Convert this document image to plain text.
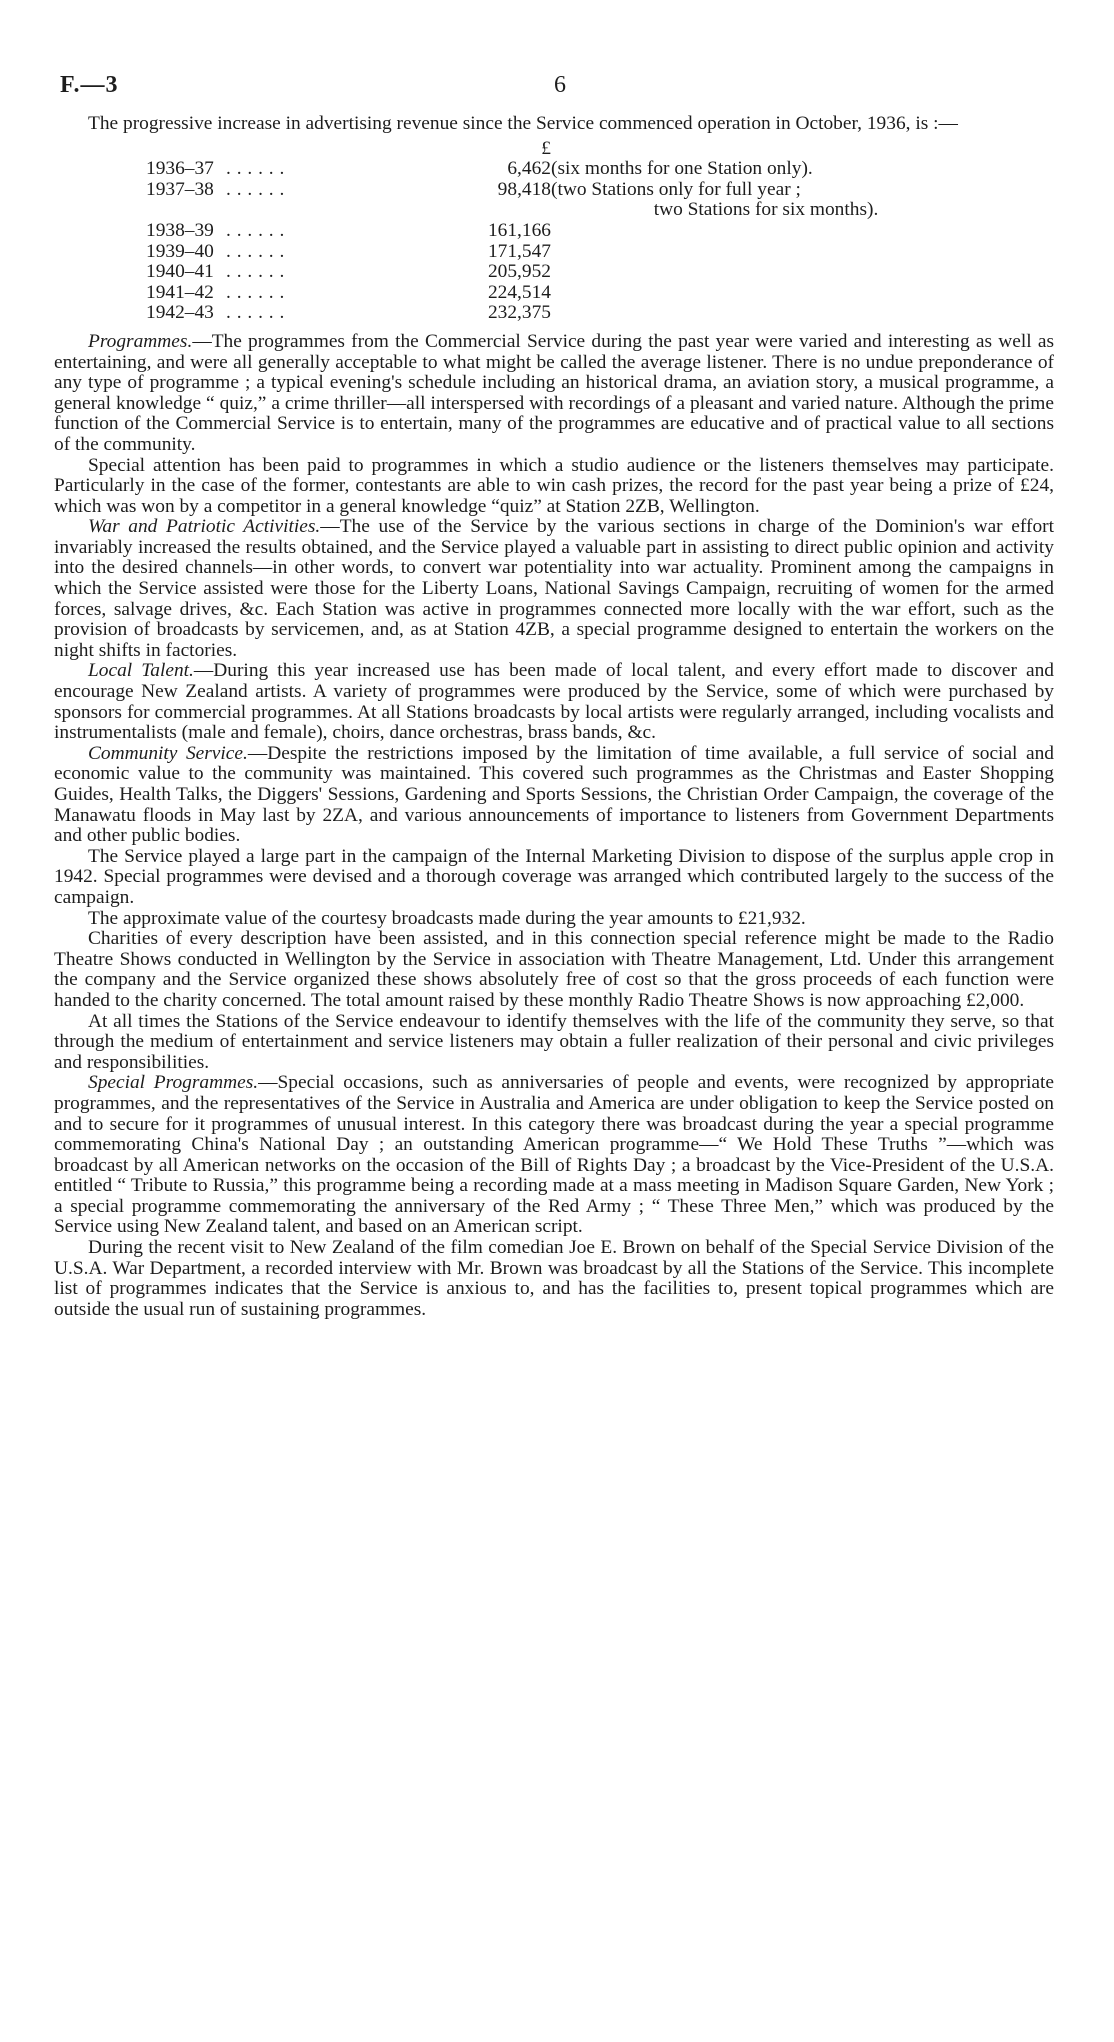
F.—3	6

The progressive increase in advertising revenue since the Service commenced operation in October, 1936, is :—

		£	
1936–37	. . . . . .	6,462	(six months for one Station only).
1937–38	. . . . . .	98,418	(two Stations only for full year ;
two Stations for six months).

1938–39	. . . . . .	161,166	
1939–40	. . . . . .	171,547	
1940–41	. . . . . .	205,952	
1941–42	. . . . . .	224,514	
1942–43	. . . . . .	232,375	

Programmes.—The programmes from the Commercial Service during the past year were varied and interesting as well as entertaining, and were all generally acceptable to what might be called the average listener. There is no undue preponderance of any type of programme ; a typical evening's schedule including an historical drama, an aviation story, a musical programme, a general knowledge “ quiz,” a crime thriller—all interspersed with recordings of a pleasant and varied nature. Although the prime function of the Commercial Service is to entertain, many of the programmes are educative and of practical value to all sections of the community.

Special attention has been paid to programmes in which a studio audience or the listeners themselves may participate. Particularly in the case of the former, contestants are able to win cash prizes, the record for the past year being a prize of £24, which was won by a competitor in a general knowledge “quiz” at Station 2ZB, Wellington.

War and Patriotic Activities.—The use of the Service by the various sections in charge of the Dominion's war effort invariably increased the results obtained, and the Service played a valuable part in assisting to direct public opinion and activity into the desired channels—in other words, to convert war potentiality into war actuality. Prominent among the campaigns in which the Service assisted were those for the Liberty Loans, National Savings Campaign, recruiting of women for the armed forces, salvage drives, &c. Each Station was active in programmes connected more locally with the war effort, such as the provision of broadcasts by servicemen, and, as at Station 4ZB, a special programme designed to entertain the workers on the night shifts in factories.

Local Talent.—During this year increased use has been made of local talent, and every effort made to discover and encourage New Zealand artists. A variety of programmes were produced by the Service, some of which were purchased by sponsors for commercial programmes. At all Stations broadcasts by local artists were regularly arranged, including vocalists and instrumentalists (male and female), choirs, dance orchestras, brass bands, &c.

Community Service.—Despite the restrictions imposed by the limitation of time available, a full service of social and economic value to the community was maintained. This covered such programmes as the Christmas and Easter Shopping Guides, Health Talks, the Diggers' Sessions, Gardening and Sports Sessions, the Christian Order Campaign, the coverage of the Manawatu floods in May last by 2ZA, and various announcements of importance to listeners from Government Departments and other public bodies.

The Service played a large part in the campaign of the Internal Marketing Division to dispose of the surplus apple crop in 1942. Special programmes were devised and a thorough coverage was arranged which contributed largely to the success of the campaign.

The approximate value of the courtesy broadcasts made during the year amounts to £21,932.

Charities of every description have been assisted, and in this connection special reference might be made to the Radio Theatre Shows conducted in Wellington by the Service in association with Theatre Management, Ltd. Under this arrangement the company and the Service organized these shows absolutely free of cost so that the gross proceeds of each function were handed to the charity concerned. The total amount raised by these monthly Radio Theatre Shows is now approaching £2,000.

At all times the Stations of the Service endeavour to identify themselves with the life of the community they serve, so that through the medium of entertainment and service listeners may obtain a fuller realization of their personal and civic privileges and responsibilities.

Special Programmes.—Special occasions, such as anniversaries of people and events, were recognized by appropriate programmes, and the representatives of the Service in Australia and America are under obligation to keep the Service posted on and to secure for it programmes of unusual interest. In this category there was broadcast during the year a special programme commemorating China's National Day ; an outstanding American programme—“ We Hold These Truths ”—which was broadcast by all American networks on the occasion of the Bill of Rights Day ; a broadcast by the Vice-President of the U.S.A. entitled “ Tribute to Russia,” this programme being a recording made at a mass meeting in Madison Square Garden, New York ; a special programme commemorating the anniversary of the Red Army ; “ These Three Men,” which was produced by the Service using New Zealand talent, and based on an American script.

During the recent visit to New Zealand of the film comedian Joe E. Brown on behalf of the Special Service Division of the U.S.A. War Department, a recorded interview with Mr. Brown was broadcast by all the Stations of the Service. This incomplete list of programmes indicates that the Service is anxious to, and has the facilities to, present topical programmes which are outside the usual run of sustaining programmes.
